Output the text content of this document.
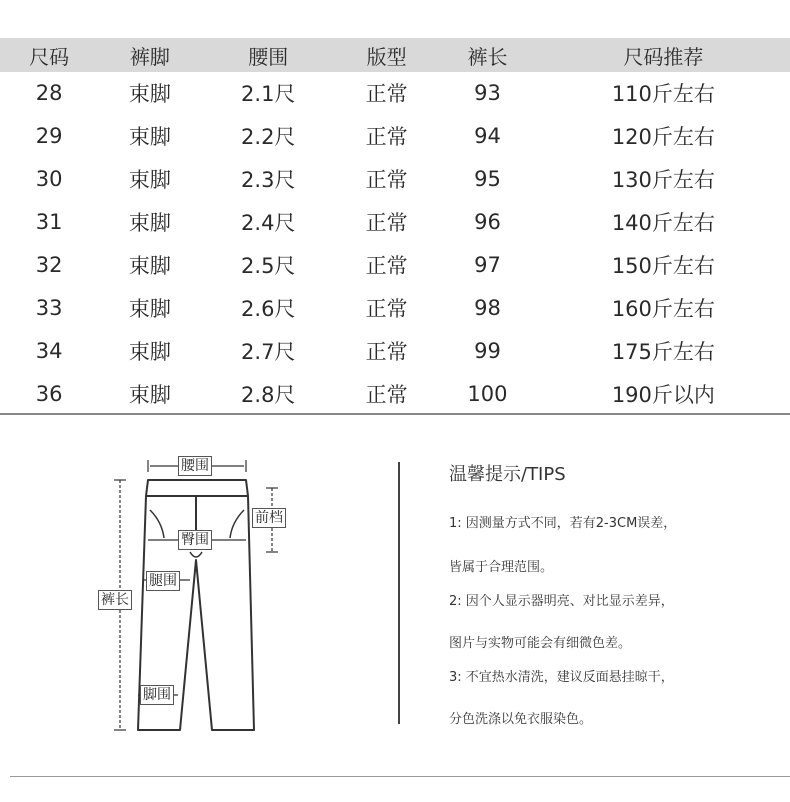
尺码	裤脚	腰围	版型	裤长	尺码推荐
28	束脚	2.1尺	正常	93	110斤左右
29	束脚	2.2尺	正常	94	120斤左右
30	束脚	2.3尺	正常	95	130斤左右
31	束脚	2.4尺	正常	96	140斤左右
32	束脚	2.5尺	正常	97	150斤左右
33	束脚	2.6尺	正常	98	160斤左右
34	束脚	2.7尺	正常	99	175斤左右
36	束脚	2.8尺	正常	100	190斤以内
腰围
前档
臀围
腿围
裤长
脚围
温馨提示/TIPS
1: 因测量方式不同，若有2-3CM误差，
皆属于合理范围。
2: 因个人显示器明亮、对比显示差异，
图片与实物可能会有细微色差。
3: 不宜热水清洗，建议反面悬挂晾干，
分色洗涤以免衣服染色。
